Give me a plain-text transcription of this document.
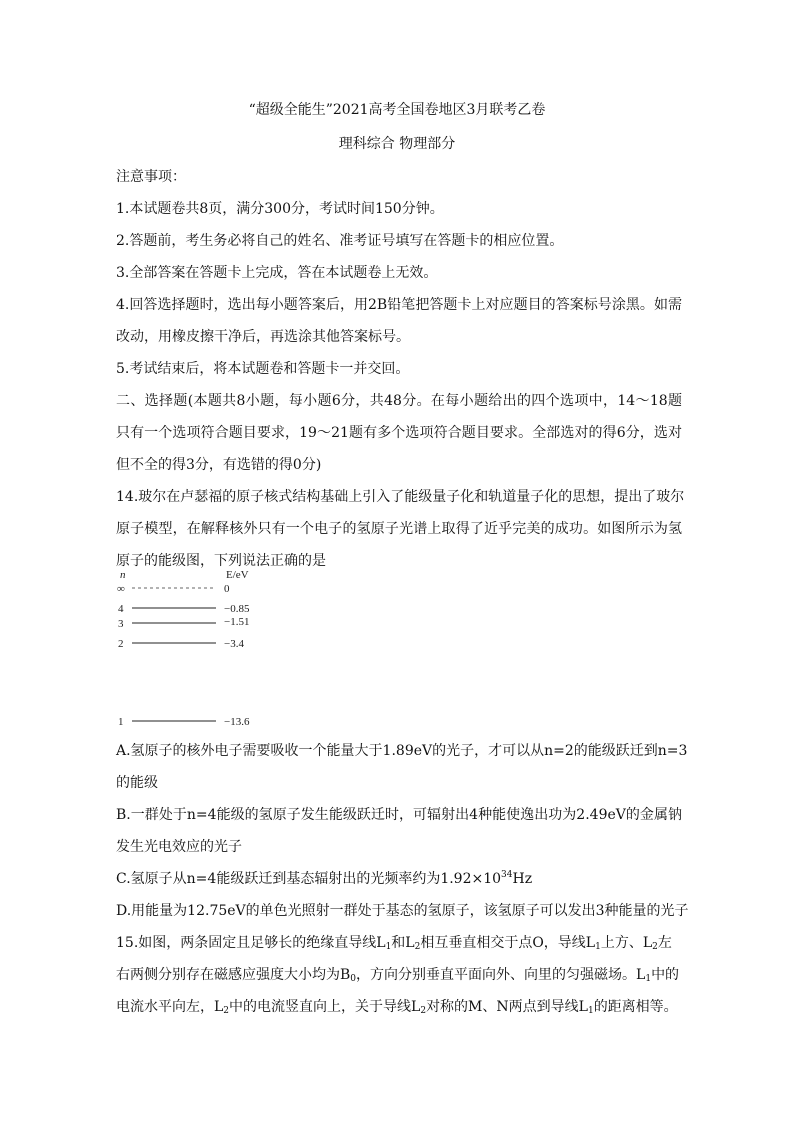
“超级全能生”2021高考全国卷地区3月联考乙卷
理科综合 物理部分
注意事项：
1.本试题卷共8页，满分300分，考试时间150分钟。
2.答题前，考生务必将自己的姓名、准考证号填写在答题卡的相应位置。
3.全部答案在答题卡上完成，答在本试题卷上无效。
4.回答选择题时，选出每小题答案后，用2B铅笔把答题卡上对应题目的答案标号涂黑。如需
改动，用橡皮擦干净后，再选涂其他答案标号。
5.考试结束后，将本试题卷和答题卡一并交回。
二、选择题(本题共8小题，每小题6分，共48分。在每小题给出的四个选项中，14～18题
只有一个选项符合题目要求，19～21题有多个选项符合题目要求。全部选对的得6分，选对
但不全的得3分，有选错的得0分)
14.玻尔在卢瑟福的原子核式结构基础上引入了能级量子化和轨道量子化的思想，提出了玻尔
原子模型，在解释核外只有一个电子的氢原子光谱上取得了近乎完美的成功。如图所示为氢
原子的能级图，下列说法正确的是
n	E/eV
∞	0
4	−0.85
3	−1.51
2	−3.4
1	−13.6
A.氢原子的核外电子需要吸收一个能量大于1.89eV的光子，才可以从n=2的能级跃迁到n=3
的能级
B.一群处于n=4能级的氢原子发生能级跃迁时，可辐射出4种能使逸出功为2.49eV的金属钠
发生光电效应的光子
C.氢原子从n=4能级跃迁到基态辐射出的光频率约为$1.92\times 10^{34}Hz$
D.用能量为12.75eV的单色光照射一群处于基态的氢原子，该氢原子可以发出3种能量的光子
15.如图，两条固定且足够长的绝缘直导线$L_1$和$L_2$相互垂直相交于点O，导线$L_1$上方、$L_2$左
右两侧分别存在磁感应强度大小均为$B_0$，方向分别垂直平面向外、向里的匀强磁场。$L_1$中的
电流水平向左，$L_2$中的电流竖直向上，关于导线$L_2$对称的M、N两点到导线$L_1$的距离相等。
